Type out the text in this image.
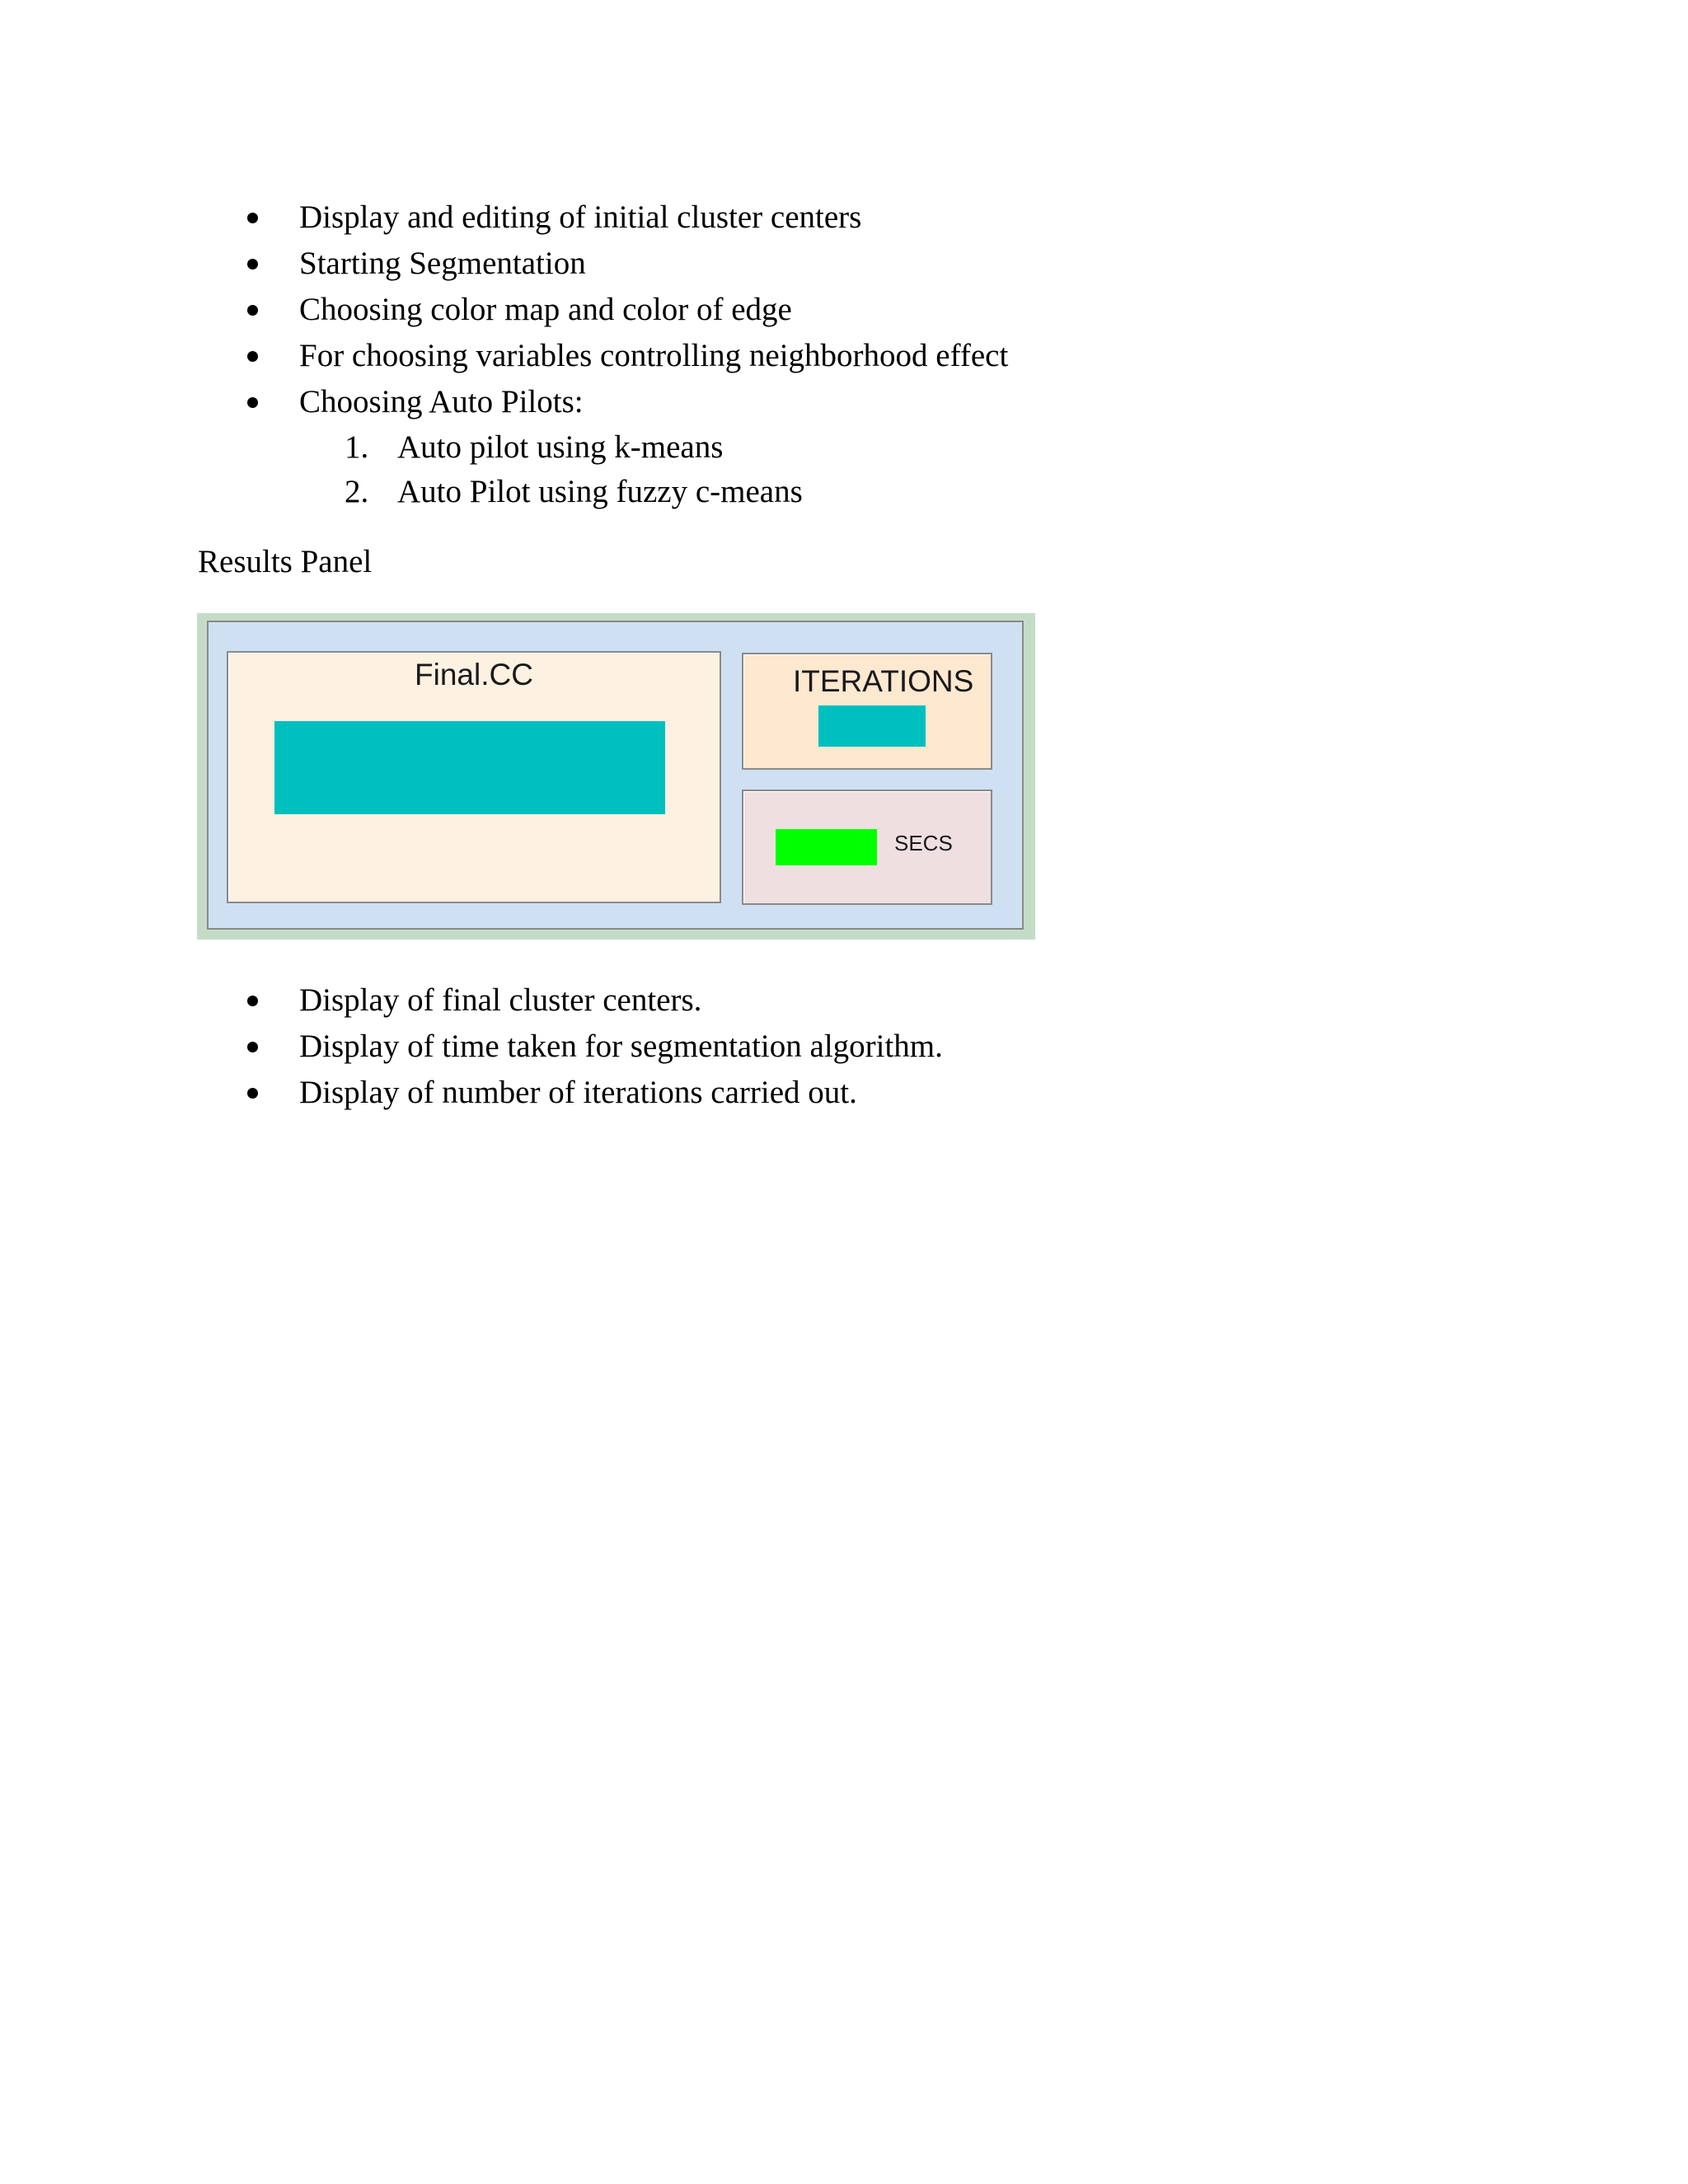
Display and editing of initial cluster centers
Starting Segmentation
Choosing color map and color of edge
For choosing variables controlling neighborhood effect
Choosing Auto Pilots:
1. Auto pilot using k-means
2. Auto Pilot using fuzzy c-means
Results Panel
Final.CC	ITERATIONS
SECS
Display of final cluster centers.
Display of time taken for segmentation algorithm.
Display of number of iterations carried out.
